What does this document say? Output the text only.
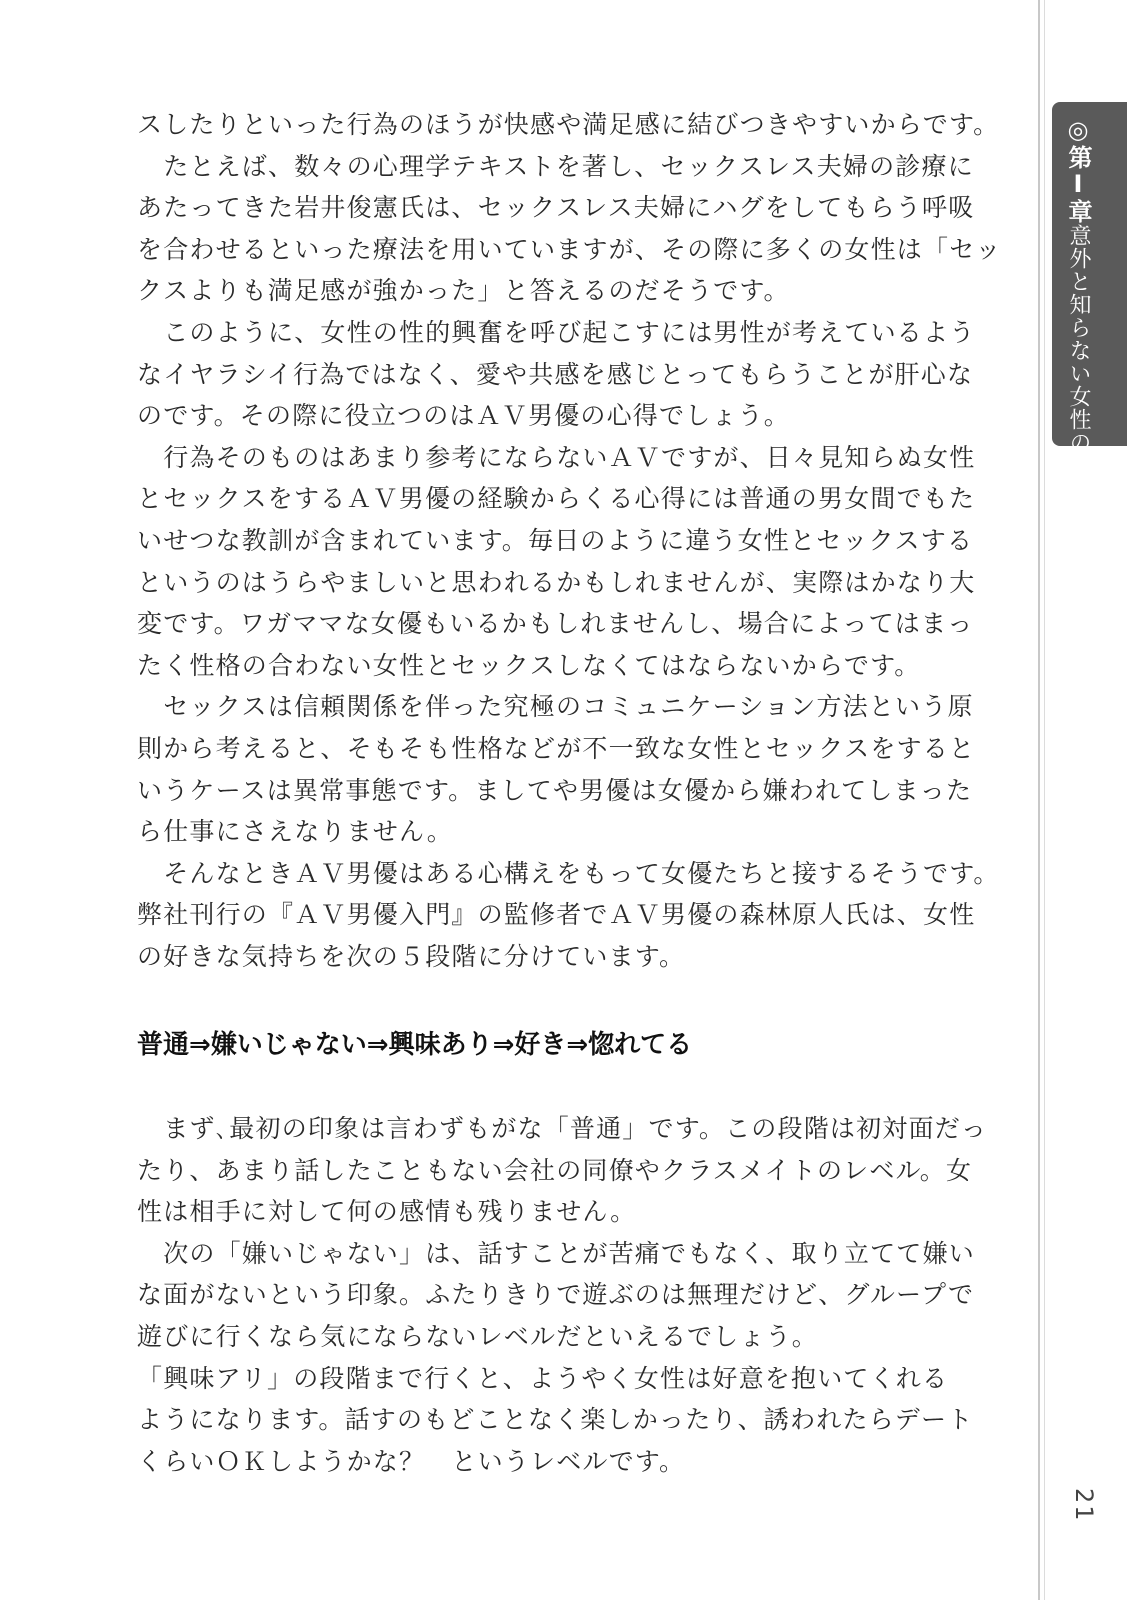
◎第Ⅰ章意外と知らない女性のホンネ
21
スしたりといった行為のほうが快感や満足感に結びつきやすいからです。
　たとえば、数々の心理学テキストを著し、セックスレス夫婦の診療に
あたってきた岩井俊憲氏は、セックスレス夫婦にハグをしてもらう呼吸
を合わせるといった療法を用いていますが、その際に多くの女性は「セッ
クスよりも満足感が強かった」と答えるのだそうです。
　このように、女性の性的興奮を呼び起こすには男性が考えているよう
なイヤラシイ行為ではなく、愛や共感を感じとってもらうことが肝心な
のです。その際に役立つのはＡＶ男優の心得でしょう。
　行為そのものはあまり参考にならないＡＶですが、日々見知らぬ女性
とセックスをするＡＶ男優の経験からくる心得には普通の男女間でもた
いせつな教訓が含まれています。毎日のように違う女性とセックスする
というのはうらやましいと思われるかもしれませんが、実際はかなり大
変です。ワガママな女優もいるかもしれませんし、場合によってはまっ
たく性格の合わない女性とセックスしなくてはならないからです。
　セックスは信頼関係を伴った究極のコミュニケーション方法という原
則から考えると、そもそも性格などが不一致な女性とセックスをすると
いうケースは異常事態です。ましてや男優は女優から嫌われてしまった
ら仕事にさえなりません。
　そんなときＡＶ男優はある心構えをもって女優たちと接するそうです。
弊社刊行の『ＡＶ男優入門』の監修者でＡＶ男優の森林原人氏は、女性
の好きな気持ちを次の５段階に分けています。
普通⇒嫌いじゃない⇒興味あり⇒好き⇒惚れてる
　まず､最初の印象は言わずもがな「普通」です。この段階は初対面だっ
たり、あまり話したこともない会社の同僚やクラスメイトのレベル。女
性は相手に対して何の感情も残りません。
　次の「嫌いじゃない」は、話すことが苦痛でもなく、取り立てて嫌い
な面がないという印象。ふたりきりで遊ぶのは無理だけど、グループで
遊びに行くなら気にならないレベルだといえるでしょう。
「興味アリ」の段階まで行くと、ようやく女性は好意を抱いてくれる
ようになります。話すのもどことなく楽しかったり、誘われたらデート
くらいＯＫしようかな？　というレベルです。
